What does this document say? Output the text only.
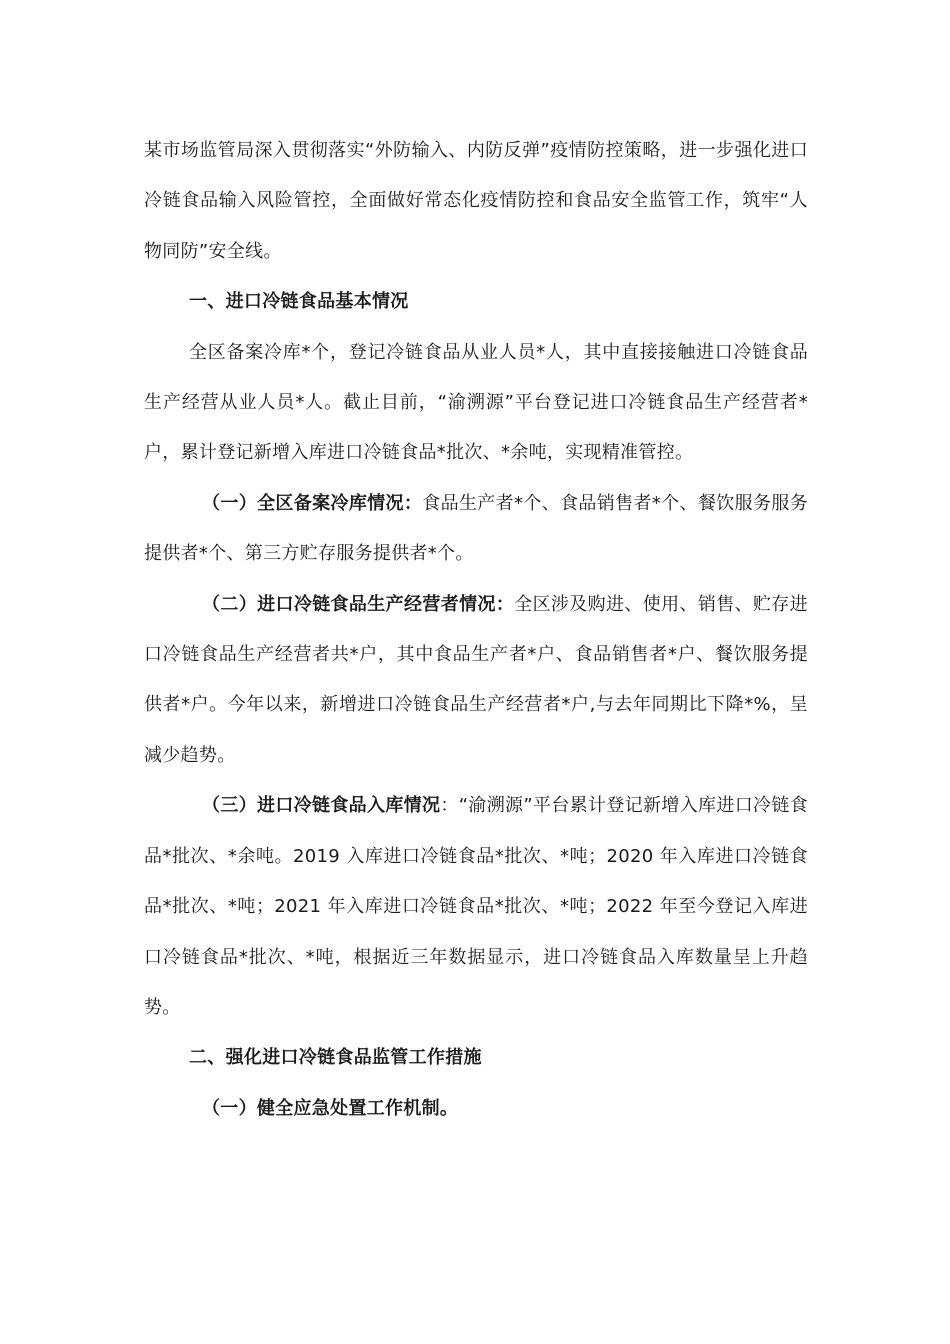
某市场监管局深入贯彻落实“外防输入、内防反弹”疫情防控策略，进一步强化进口冷链食品输入风险管控，全面做好常态化疫情防控和食品安全监管工作，筑牢“人物同防”安全线。

一、进口冷链食品基本情况

全区备案冷库*个，登记冷链食品从业人员*人，其中直接接触进口冷链食品生产经营从业人员*人。截止目前，“渝溯源”平台登记进口冷链食品生产经营者*户，累计登记新增入库进口冷链食品*批次、*余吨，实现精准管控。

（一）全区备案冷库情况：食品生产者*个、食品销售者*个、餐饮服务服务提供者*个、第三方贮存服务提供者*个。

（二）进口冷链食品生产经营者情况：全区涉及购进、使用、销售、贮存进口冷链食品生产经营者共*户，其中食品生产者*户、食品销售者*户、餐饮服务提供者*户。今年以来，新增进口冷链食品生产经营者*户,与去年同期比下降*%，呈减少趋势。

（三）进口冷链食品入库情况：“渝溯源”平台累计登记新增入库进口冷链食品*批次、*余吨。2019 入库进口冷链食品*批次、*吨；2020 年入库进口冷链食品*批次、*吨；2021 年入库进口冷链食品*批次、*吨；2022 年至今登记入库进口冷链食品*批次、*吨，根据近三年数据显示，进口冷链食品入库数量呈上升趋势。

二、强化进口冷链食品监管工作措施

（一）健全应急处置工作机制。
